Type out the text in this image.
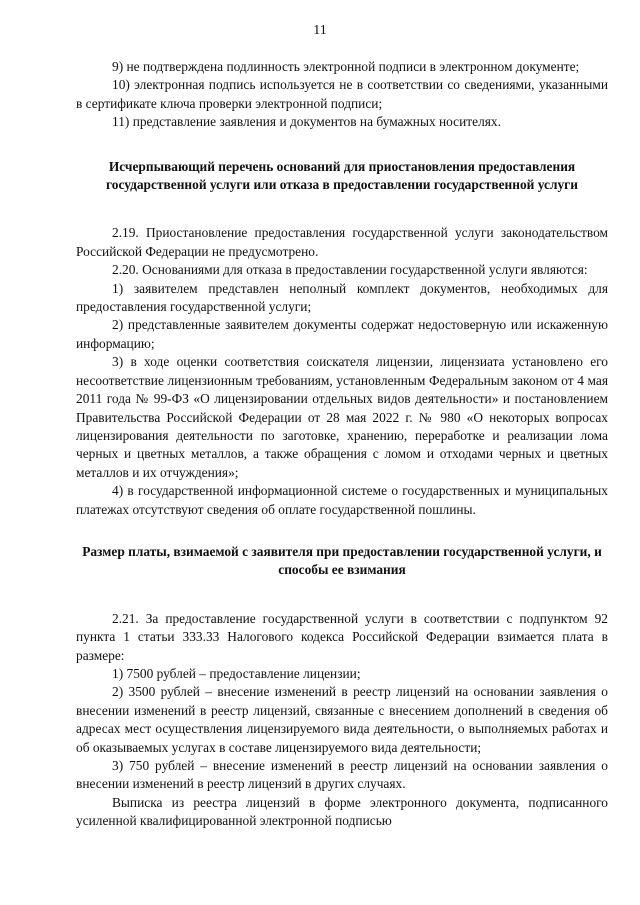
11

9) не подтверждена подлинность электронной подписи в электронном документе;

10) электронная подпись используется не в соответствии со сведениями, указанными в сертификате ключа проверки электронной подписи;

11) представление заявления и документов на бумажных носителях.

Исчерпывающий перечень оснований для приостановления предоставления государственной услуги или отказа в предоставлении государственной услуги

2.19. Приостановление предоставления государственной услуги законодательством Российской Федерации не предусмотрено.

2.20. Основаниями для отказа в предоставлении государственной услуги являются:

1) заявителем представлен неполный комплект документов, необходимых для предоставления государственной услуги;

2) представленные заявителем документы содержат недостоверную или искаженную информацию;

3) в ходе оценки соответствия соискателя лицензии, лицензиата установлено его несоответствие лицензионным требованиям, установленным Федеральным законом от 4 мая 2011 года № 99-ФЗ «О лицензировании отдельных видов деятельности» и постановлением Правительства Российской Федерации от 28 мая 2022 г. № 980 «О некоторых вопросах лицензирования деятельности по заготовке, хранению, переработке и реализации лома черных и цветных металлов, а также обращения с ломом и отходами черных и цветных металлов и их отчуждения»;

4) в государственной информационной системе о государственных и муниципальных платежах отсутствуют сведения об оплате государственной пошлины.

Размер платы, взимаемой с заявителя при предоставлении государственной услуги, и способы ее взимания

2.21. За предоставление государственной услуги в соответствии с подпунктом 92 пункта 1 статьи 333.33 Налогового кодекса Российской Федерации взимается плата в размере:

1) 7500 рублей – предоставление лицензии;

2) 3500 рублей – внесение изменений в реестр лицензий на основании заявления о внесении изменений в реестр лицензий, связанные с внесением дополнений в сведения об адресах мест осуществления лицензируемого вида деятельности, о выполняемых работах и об оказываемых услугах в составе лицензируемого вида деятельности;

3) 750 рублей – внесение изменений в реестр лицензий на основании заявления о внесении изменений в реестр лицензий в других случаях.

Выписка из реестра лицензий в форме электронного документа, подписанного усиленной квалифицированной электронной подписью
